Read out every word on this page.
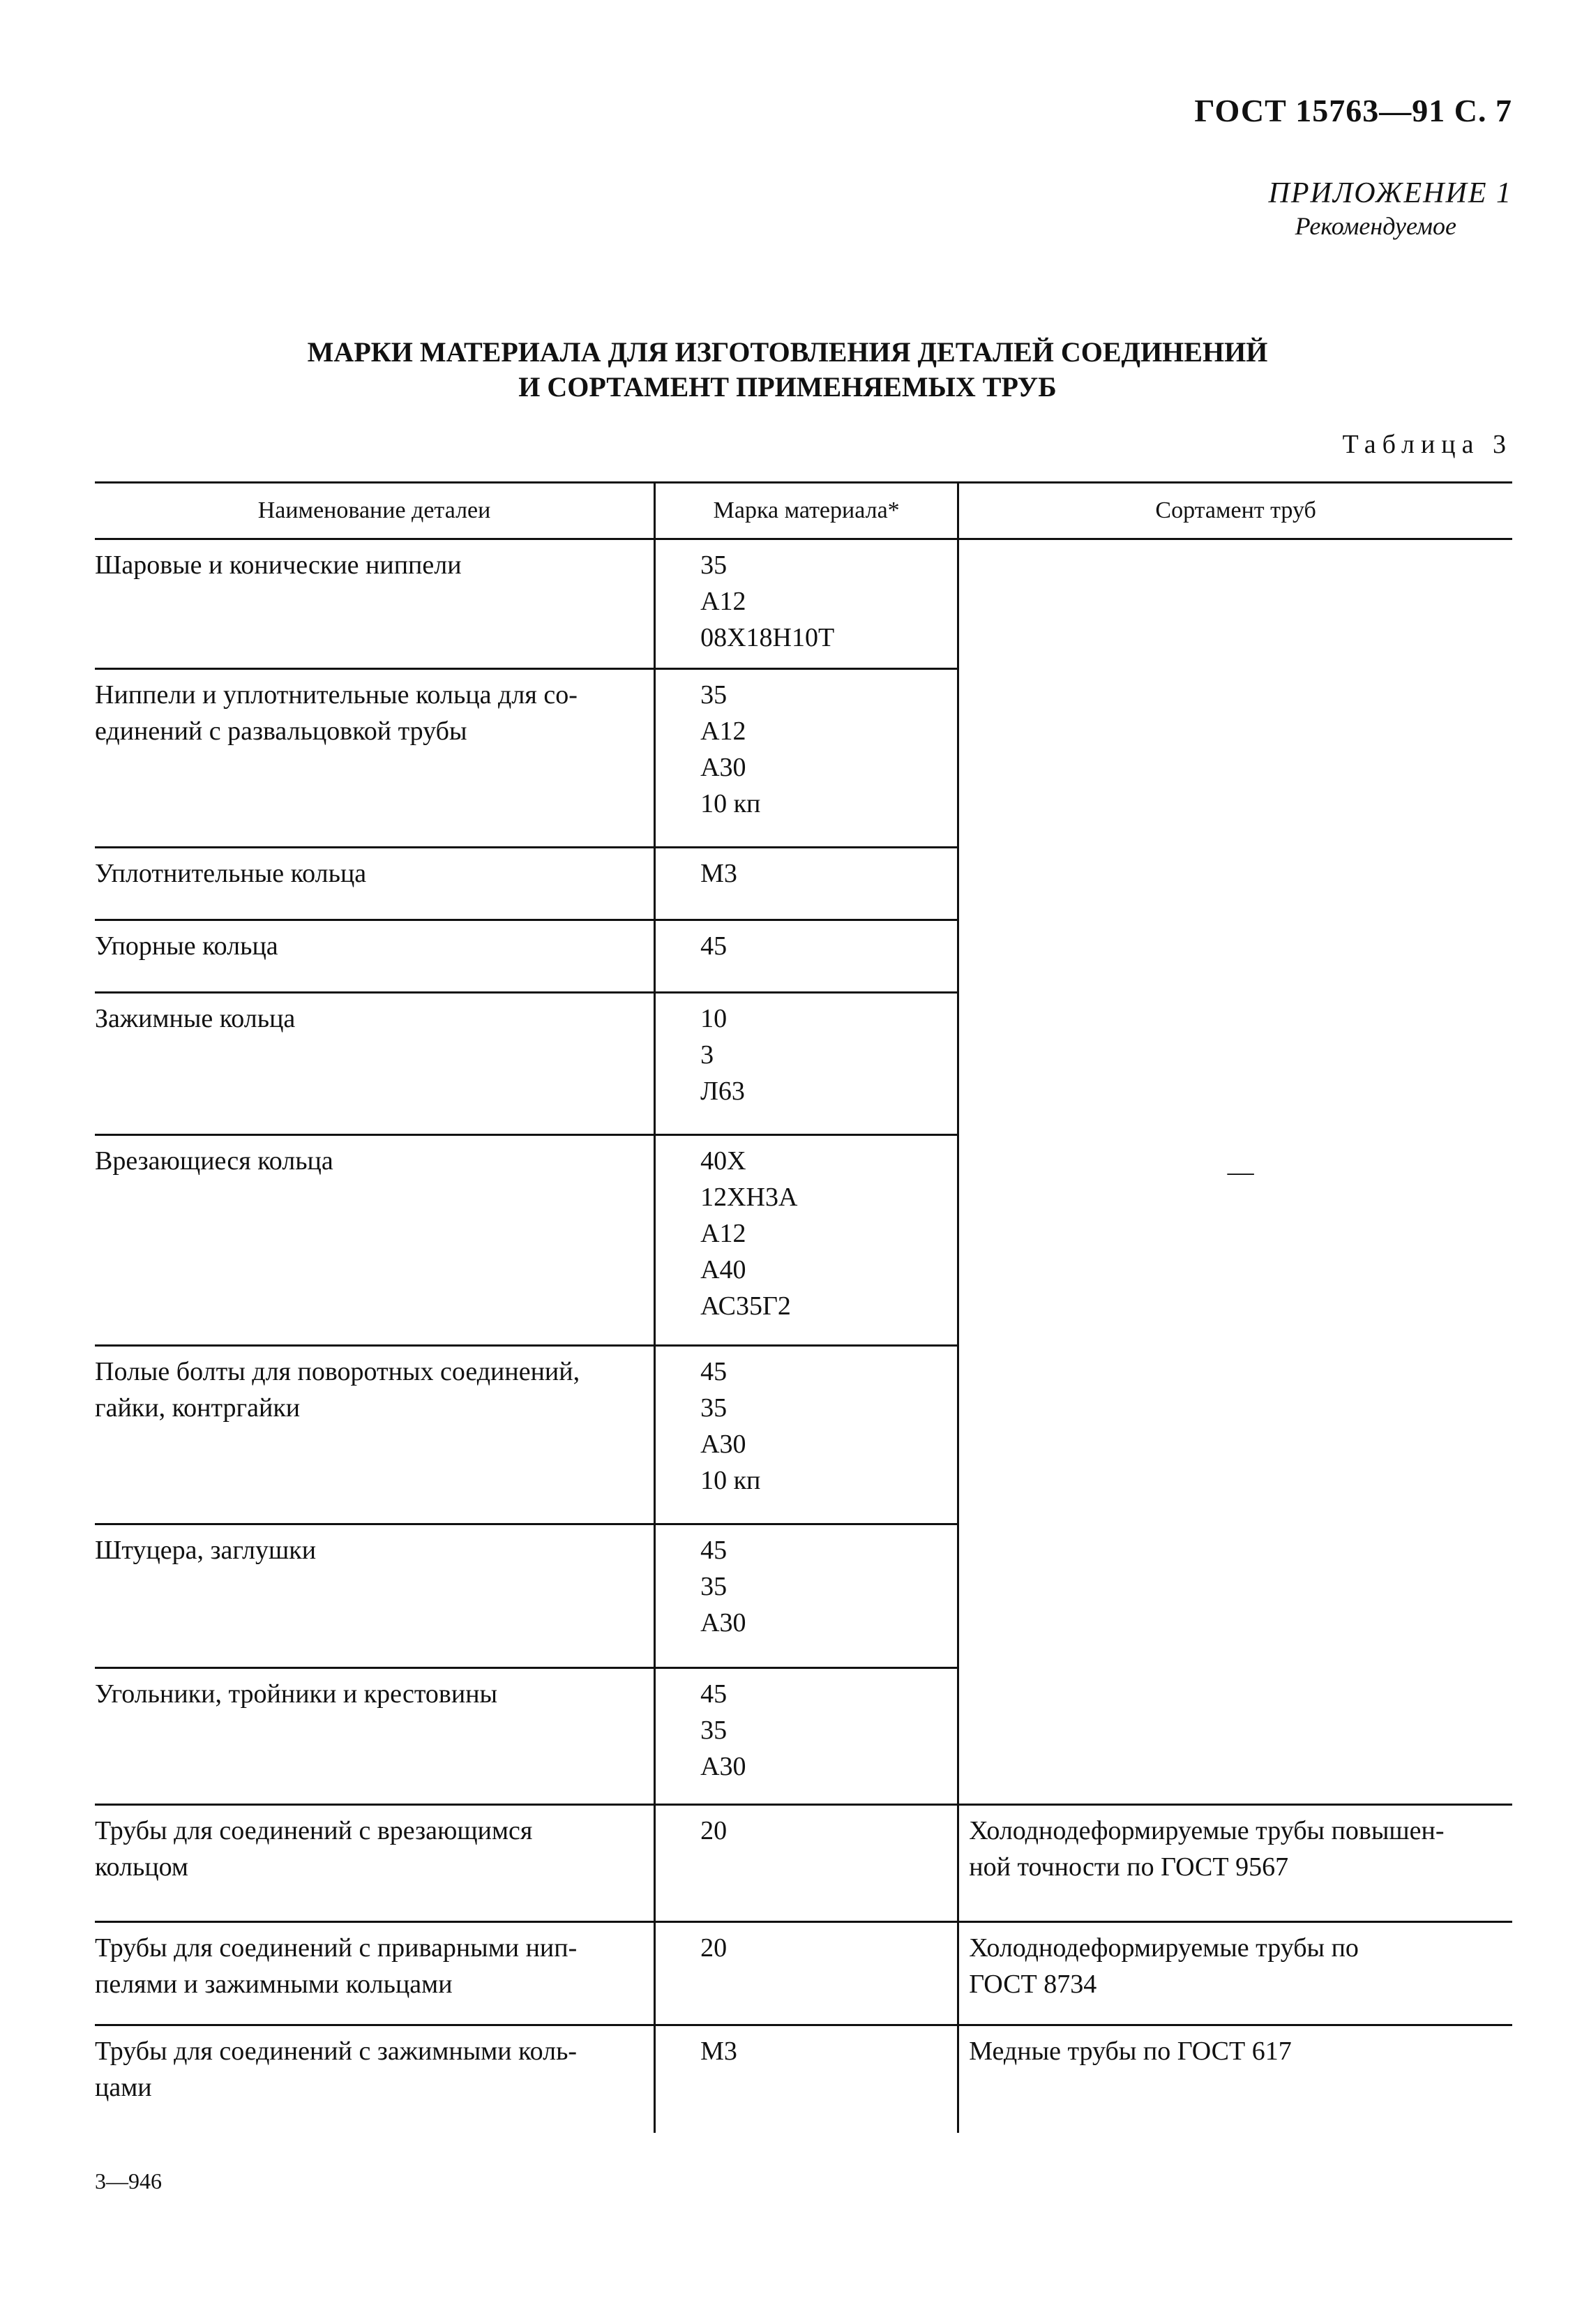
ГОСТ 15763—91 С. 7
ПРИЛОЖЕНИЕ 1
Рекомендуемое
МАРКИ МАТЕРИАЛА ДЛЯ ИЗГОТОВЛЕНИЯ ДЕТАЛЕЙ СОЕДИНЕНИЙ
И СОРТАМЕНТ ПРИМЕНЯЕМЫХ ТРУБ
Таблица 3
Наименование деталеи	Марка материала*	Сортамент труб

Шаровые и конические ниппели	35
А12
08Х18Н10Т	—

Ниппели и уплотнительные кольца для со-
единений с развальцовкой трубы	35
А12
А30
10 кп	

Уплотнительные кольца	М3	

Упорные кольца	45	

Зажимные кольца	10
3
Л63	

Врезающиеся кольца	40Х
12ХН3А
А12
А40
АС35Г2	

Полые болты для поворотных соединений,
гайки, контргайки	45
35
А30
10 кп	

Штуцера, заглушки	45
35
А30	

Угольники, тройники и крестовины	45
35
А30	

Трубы для соединений с врезающимся
кольцом	20	Холоднодеформируемые трубы повышен-
ной точности по ГОСТ 9567

Трубы для соединений с приварными нип-
пелями и зажимными кольцами	20	Холоднодеформируемые трубы по
ГОСТ 8734

Трубы для соединений с зажимными коль-
цами	М3	Медные трубы по ГОСТ 617
3—946
